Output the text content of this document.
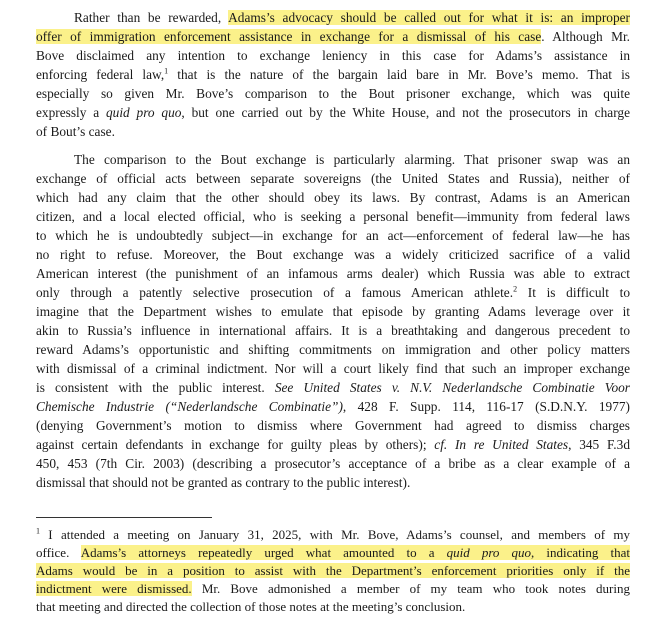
Rather than be rewarded, Adams’s advocacy should be called out for what it is: an improper
offer of immigration enforcement assistance in exchange for a dismissal of his case. Although Mr.
Bove disclaimed any intention to exchange leniency in this case for Adams’s assistance in
enforcing federal law,$^1$ that is the nature of the bargain laid bare in Mr. Bove’s memo. That is
especially so given Mr. Bove’s comparison to the Bout prisoner exchange, which was quite
expressly a quid pro quo, but one carried out by the White House, and not the prosecutors in charge
of Bout’s case.
The comparison to the Bout exchange is particularly alarming. That prisoner swap was an
exchange of official acts between separate sovereigns (the United States and Russia), neither of
which had any claim that the other should obey its laws. By contrast, Adams is an American
citizen, and a local elected official, who is seeking a personal benefit—immunity from federal laws
to which he is undoubtedly subject—in exchange for an act—enforcement of federal law—he has
no right to refuse. Moreover, the Bout exchange was a widely criticized sacrifice of a valid
American interest (the punishment of an infamous arms dealer) which Russia was able to extract
only through a patently selective prosecution of a famous American athlete.$^2$ It is difficult to
imagine that the Department wishes to emulate that episode by granting Adams leverage over it
akin to Russia’s influence in international affairs. It is a breathtaking and dangerous precedent to
reward Adams’s opportunistic and shifting commitments on immigration and other policy matters
with dismissal of a criminal indictment. Nor will a court likely find that such an improper exchange
is consistent with the public interest. See United States v. N.V. Nederlandsche Combinatie Voor
Chemische Industrie (“Nederlandsche Combinatie”), 428 F. Supp. 114, 116-17 (S.D.N.Y. 1977)
(denying Government’s motion to dismiss where Government had agreed to dismiss charges
against certain defendants in exchange for guilty pleas by others); cf. In re United States, 345 F.3d
450, 453 (7th Cir. 2003) (describing a prosecutor’s acceptance of a bribe as a clear example of a
dismissal that should not be granted as contrary to the public interest).
$^1$ I attended a meeting on January 31, 2025, with Mr. Bove, Adams’s counsel, and members of my
office. Adams’s attorneys repeatedly urged what amounted to a quid pro quo, indicating that
Adams would be in a position to assist with the Department’s enforcement priorities only if the
indictment were dismissed. Mr. Bove admonished a member of my team who took notes during
that meeting and directed the collection of those notes at the meeting’s conclusion.
